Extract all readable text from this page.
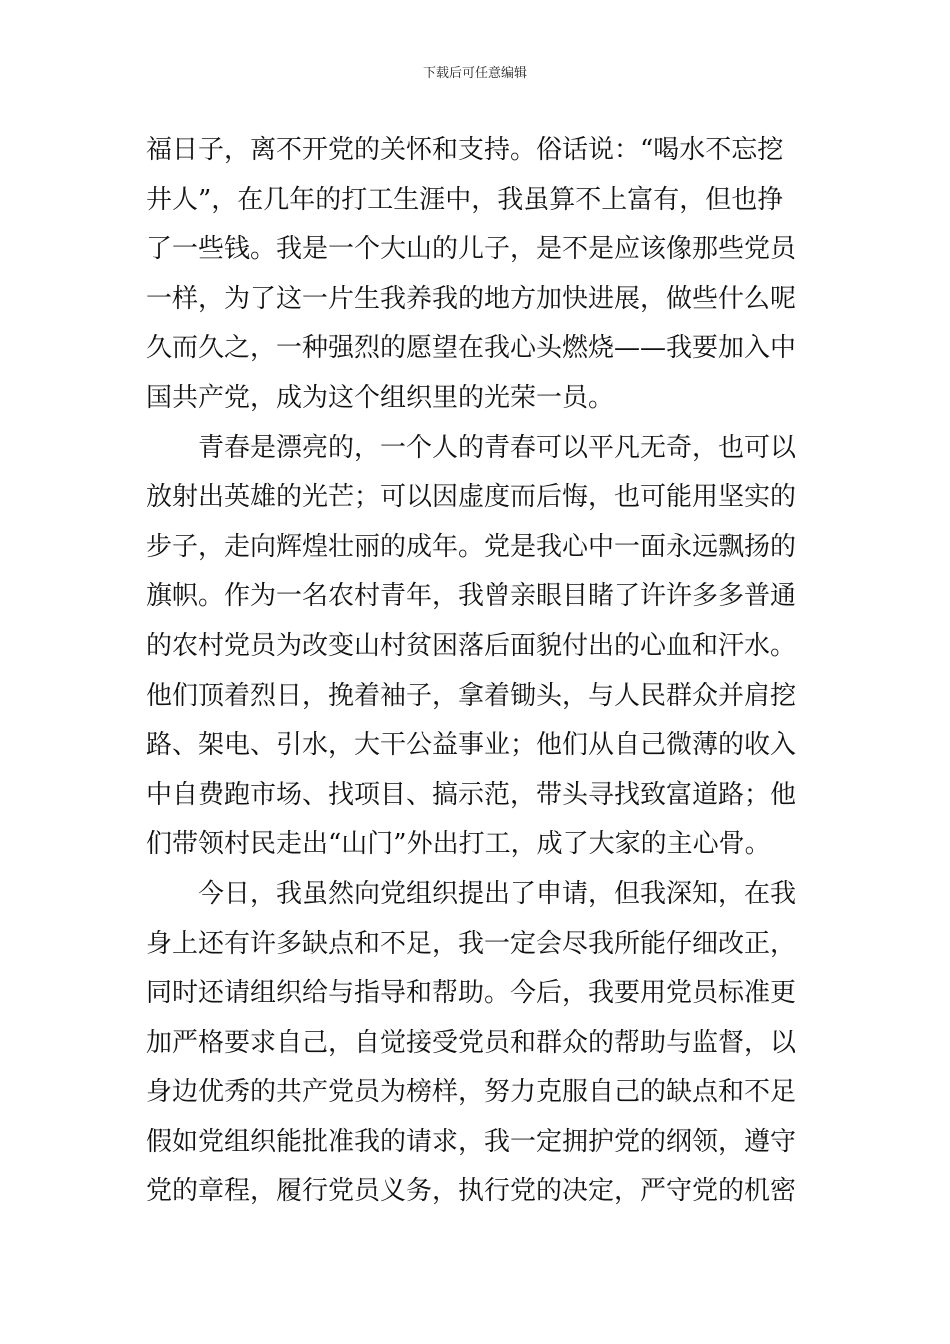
下载后可任意编辑
福日子，离不开党的关怀和支持。俗话说：“喝水不忘挖
井人”，在几年的打工生涯中，我虽算不上富有，但也挣
了一些钱。我是一个大山的儿子，是不是应该像那些党员
一样，为了这一片生我养我的地方加快进展，做些什么呢
久而久之，一种强烈的愿望在我心头燃烧——我要加入中
国共产党，成为这个组织里的光荣一员。
青春是漂亮的，一个人的青春可以平凡无奇，也可以
放射出英雄的光芒；可以因虚度而后悔，也可能用坚实的
步子，走向辉煌壮丽的成年。党是我心中一面永远飘扬的
旗帜。作为一名农村青年，我曾亲眼目睹了许许多多普通
的农村党员为改变山村贫困落后面貌付出的心血和汗水。
他们顶着烈日，挽着袖子，拿着锄头，与人民群众并肩挖
路、架电、引水，大干公益事业；他们从自己微薄的收入
中自费跑市场、找项目、搞示范，带头寻找致富道路；他
们带领村民走出“山门”外出打工，成了大家的主心骨。
今日，我虽然向党组织提出了申请，但我深知，在我
身上还有许多缺点和不足，我一定会尽我所能仔细改正，
同时还请组织给与指导和帮助。今后，我要用党员标准更
加严格要求自己，自觉接受党员和群众的帮助与监督，以
身边优秀的共产党员为榜样，努力克服自己的缺点和不足
假如党组织能批准我的请求，我一定拥护党的纲领，遵守
党的章程，履行党员义务，执行党的决定，严守党的机密
